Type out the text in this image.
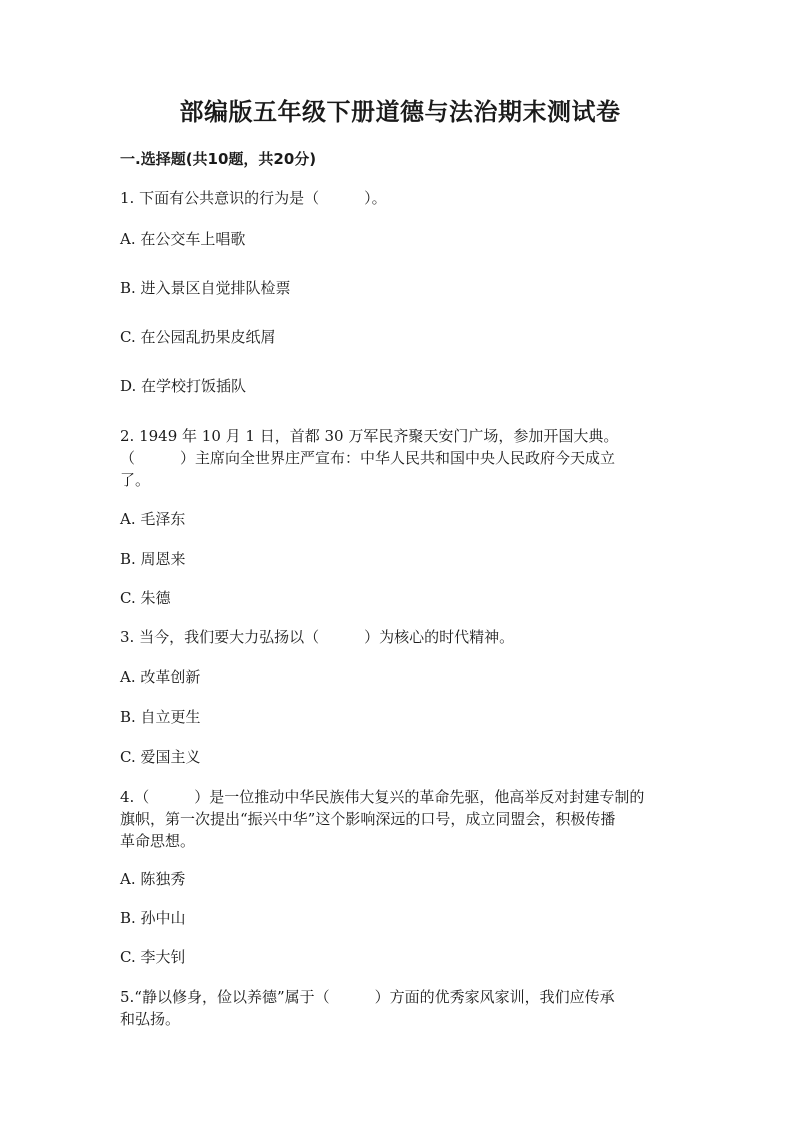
部编版五年级下册道德与法治期末测试卷
一.选择题(共10题，共20分)
1. 下面有公共意识的行为是（　　　）。
A. 在公交车上唱歌
B. 进入景区自觉排队检票
C. 在公园乱扔果皮纸屑
D. 在学校打饭插队
2. 1949 年 10 月 1 日，首都 30 万军民齐聚天安门广场，参加开国大典。
（　　　）主席向全世界庄严宣布：中华人民共和国中央人民政府今天成立
了。
A. 毛泽东
B. 周恩来
C. 朱德
3. 当今，我们要大力弘扬以（　　　）为核心的时代精神。
A. 改革创新
B. 自立更生
C. 爱国主义
4.（　　　）是一位推动中华民族伟大复兴的革命先驱，他高举反对封建专制的
旗帜，第一次提出“振兴中华”这个影响深远的口号，成立同盟会，积极传播
革命思想。
A. 陈独秀
B. 孙中山
C. 李大钊
5.“静以修身，俭以养德”属于（　　　）方面的优秀家风家训，我们应传承
和弘扬。
